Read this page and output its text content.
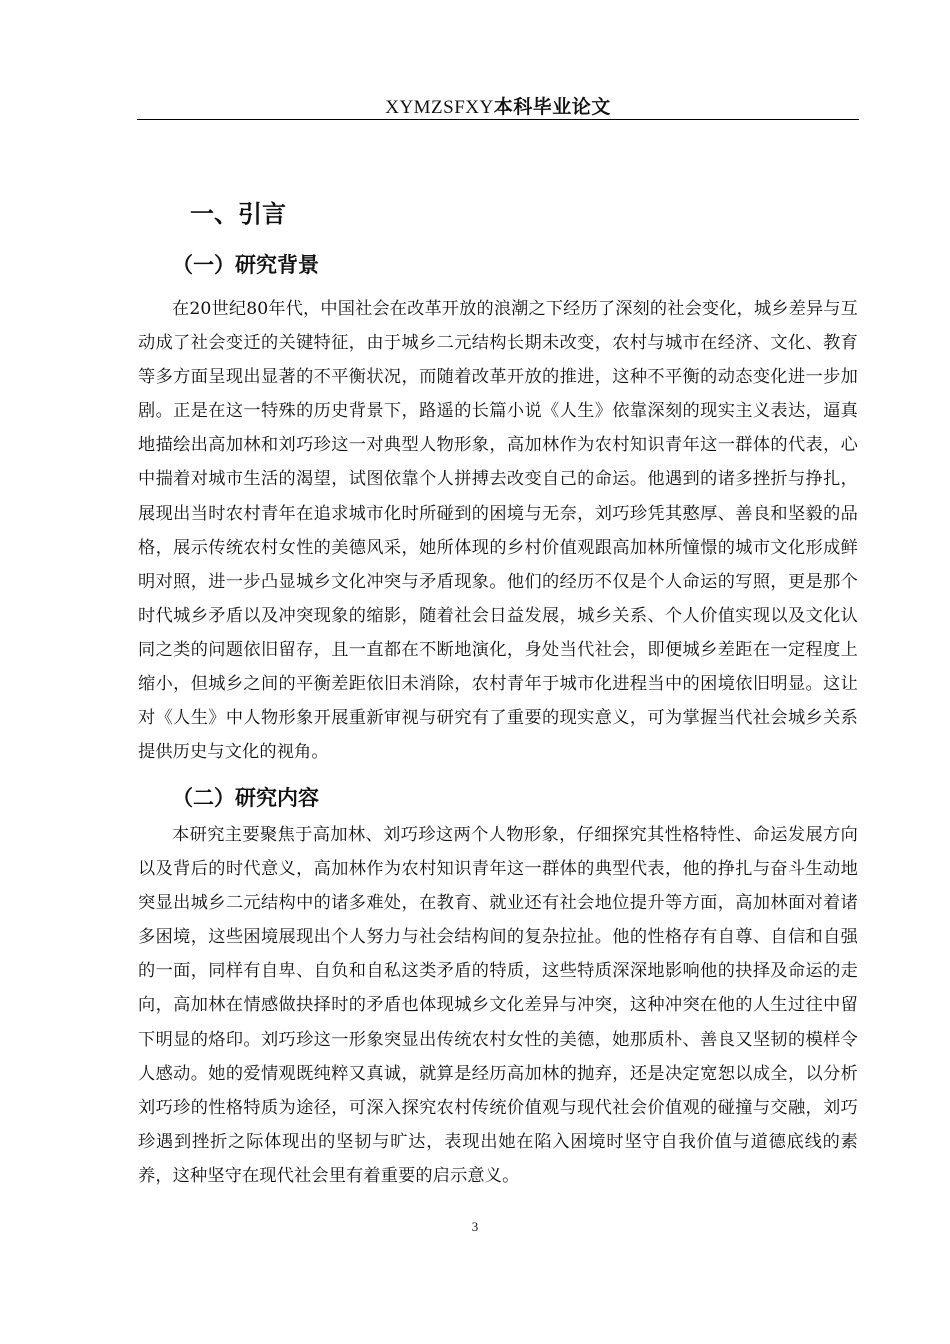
XYMZSFXY本科毕业论文
一、引言
（一）研究背景
在20世纪80年代，中国社会在改革开放的浪潮之下经历了深刻的社会变化，城乡差异与互动成了社会变迁的关键特征，由于城乡二元结构长期未改变，农村与城市在经济、文化、教育等多方面呈现出显著的不平衡状况，而随着改革开放的推进，这种不平衡的动态变化进一步加剧。正是在这一特殊的历史背景下，路遥的长篇小说《人生》依靠深刻的现实主义表达，逼真地描绘出高加林和刘巧珍这一对典型人物形象，高加林作为农村知识青年这一群体的代表，心中揣着对城市生活的渴望，试图依靠个人拼搏去改变自己的命运。他遇到的诸多挫折与挣扎，展现出当时农村青年在追求城市化时所碰到的困境与无奈，刘巧珍凭其憨厚、善良和坚毅的品格，展示传统农村女性的美德风采，她所体现的乡村价值观跟高加林所憧憬的城市文化形成鲜明对照，进一步凸显城乡文化冲突与矛盾现象。他们的经历不仅是个人命运的写照，更是那个时代城乡矛盾以及冲突现象的缩影，随着社会日益发展，城乡关系、个人价值实现以及文化认同之类的问题依旧留存，且一直都在不断地演化，身处当代社会，即便城乡差距在一定程度上缩小，但城乡之间的平衡差距依旧未消除，农村青年于城市化进程当中的困境依旧明显。这让对《人生》中人物形象开展重新审视与研究有了重要的现实意义，可为掌握当代社会城乡关系提供历史与文化的视角。
（二）研究内容
本研究主要聚焦于高加林、刘巧珍这两个人物形象，仔细探究其性格特性、命运发展方向以及背后的时代意义，高加林作为农村知识青年这一群体的典型代表，他的挣扎与奋斗生动地突显出城乡二元结构中的诸多难处，在教育、就业还有社会地位提升等方面，高加林面对着诸多困境，这些困境展现出个人努力与社会结构间的复杂拉扯。他的性格存有自尊、自信和自强的一面，同样有自卑、自负和自私这类矛盾的特质，这些特质深深地影响他的抉择及命运的走向，高加林在情感做抉择时的矛盾也体现城乡文化差异与冲突，这种冲突在他的人生过往中留下明显的烙印。刘巧珍这一形象突显出传统农村女性的美德，她那质朴、善良又坚韧的模样令人感动。她的爱情观既纯粹又真诚，就算是经历高加林的抛弃，还是决定宽恕以成全，以分析刘巧珍的性格特质为途径，可深入探究农村传统价值观与现代社会价值观的碰撞与交融，刘巧珍遇到挫折之际体现出的坚韧与旷达，表现出她在陷入困境时坚守自我价值与道德底线的素养，这种坚守在现代社会里有着重要的启示意义。
3
